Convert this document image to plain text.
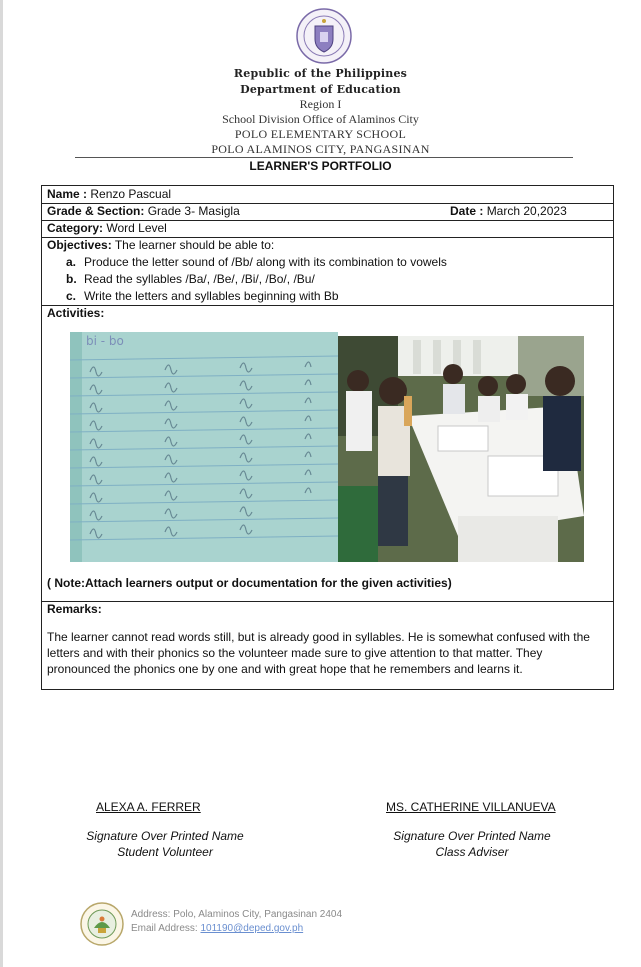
Republic of the Philippines
Department of Education
Region I
School Division Office of Alaminos City
POLO ELEMENTARY SCHOOL
POLO ALAMINOS CITY, PANGASINAN
LEARNER'S PORTFOLIO
Name : Renzo Pascual
Grade & Section: Grade 3- Masigla	Date : March 20,2023
Category: Word Level
Objectives: The learner should be able to:
a. Produce the letter sound of /Bb/ along with its combination to vowels
b. Read the syllables /Ba/, /Be/, /Bi/, /Bo/, /Bu/
c. Write the letters and syllables beginning with Bb
Activities:
bi - bo
( Note:Attach learners output or documentation for the given activities)
Remarks:
The learner cannot read words still, but is already good in syllables. He is somewhat confused with the letters and with their phonics so the volunteer made sure to give attention to that matter. They pronounced the phonics one by one and with great hope that he remembers and learns it.
ALEXA A. FERRER
Signature Over Printed Name
Student Volunteer
MS. CATHERINE VILLANUEVA
Signature Over Printed Name
Class Adviser
Address: Polo, Alaminos City, Pangasinan 2404
Email Address: 101190@deped.gov.ph
